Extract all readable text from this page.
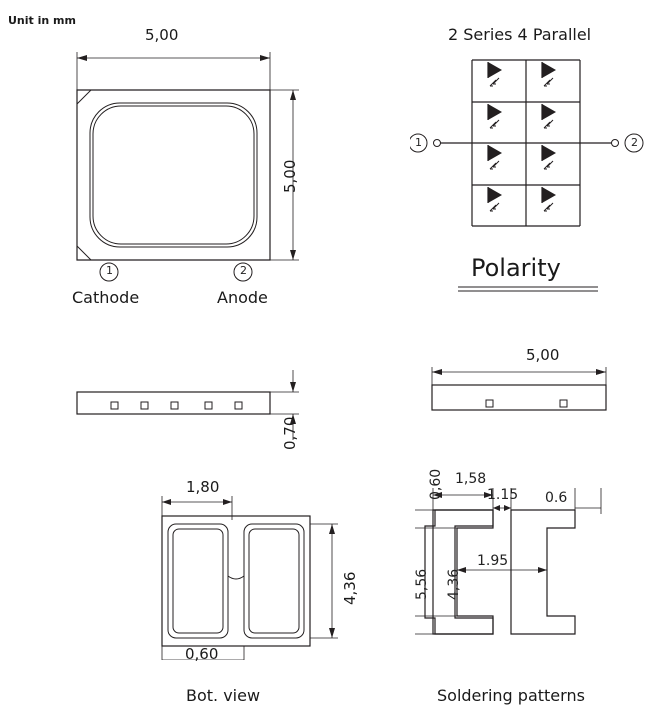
Unit in mm
5,00
5,00
1	2
Cathode	Anode
2 Series 4 Parallel
1	2
Polarity
0,70
5,00
1,80
4,36
0,60
Bot. view
1,58
1.15 0.6
0,60
5,56 4,36
1.95
Soldering patterns
